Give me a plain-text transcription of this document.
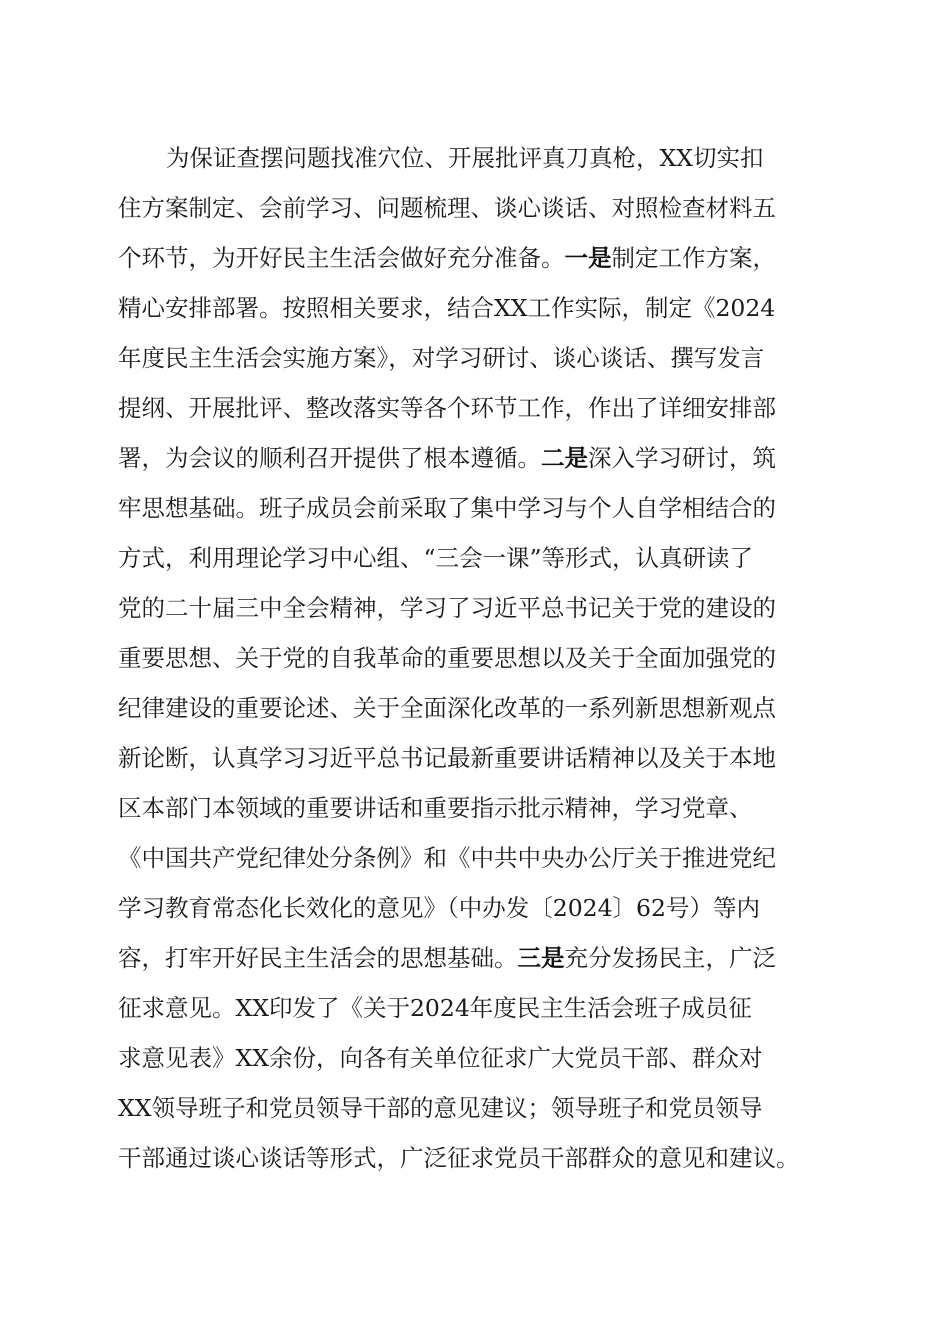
为保证查摆问题找准穴位、开展批评真刀真枪，XX切实扣
住方案制定、会前学习、问题梳理、谈心谈话、对照检查材料五
个环节，为开好民主生活会做好充分准备。一是制定工作方案，
精心安排部署。按照相关要求，结合XX工作实际，制定《2024
年度民主生活会实施方案》，对学习研讨、谈心谈话、撰写发言
提纲、开展批评、整改落实等各个环节工作，作出了详细安排部
署，为会议的顺利召开提供了根本遵循。二是深入学习研讨，筑
牢思想基础。班子成员会前采取了集中学习与个人自学相结合的
方式，利用理论学习中心组、“三会一课”等形式，认真研读了
党的二十届三中全会精神，学习了习近平总书记关于党的建设的
重要思想、关于党的自我革命的重要思想以及关于全面加强党的
纪律建设的重要论述、关于全面深化改革的一系列新思想新观点
新论断，认真学习习近平总书记最新重要讲话精神以及关于本地
区本部门本领域的重要讲话和重要指示批示精神，学习党章、
《中国共产党纪律处分条例》和《中共中央办公厅关于推进党纪
学习教育常态化长效化的意见》（中办发〔2024〕62号）等内
容，打牢开好民主生活会的思想基础。三是充分发扬民主，广泛
征求意见。XX印发了《关于2024年度民主生活会班子成员征
求意见表》XX余份，向各有关单位征求广大党员干部、群众对
XX领导班子和党员领导干部的意见建议；领导班子和党员领导
干部通过谈心谈话等形式，广泛征求党员干部群众的意见和建议。
